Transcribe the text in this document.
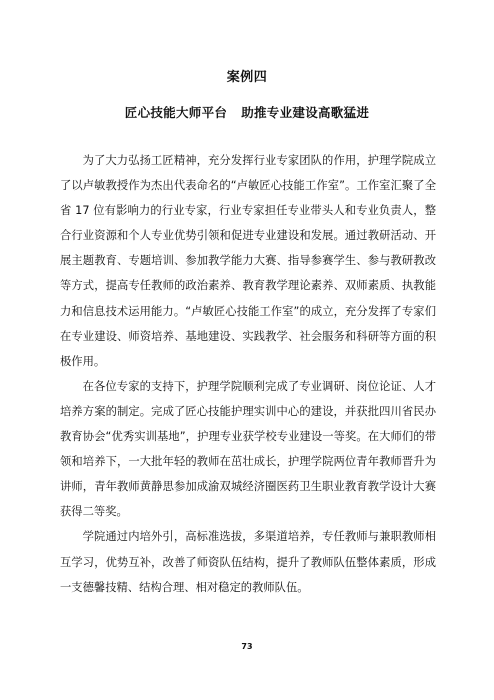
案例四
匠心技能大师平台 助推专业建设高歌猛进

为了大力弘扬工匠精神，充分发挥行业专家团队的作用，护理学院成立了以卢敏教授作为杰出代表命名的“卢敏匠心技能工作室”。工作室汇聚了全省 17 位有影响力的行业专家，行业专家担任专业带头人和专业负责人，整合行业资源和个人专业优势引领和促进专业建设和发展。通过教研活动、开展主题教育、专题培训、参加教学能力大赛、指导参赛学生、参与教研教改等方式，提高专任教师的政治素养、教育教学理论素养、双师素质、执教能力和信息技术运用能力。“卢敏匠心技能工作室”的成立，充分发挥了专家们在专业建设、师资培养、基地建设、实践教学、社会服务和科研等方面的积极作用。

在各位专家的支持下，护理学院顺利完成了专业调研、岗位论证、人才培养方案的制定。完成了匠心技能护理实训中心的建设，并获批四川省民办教育协会“优秀实训基地”，护理专业获学校专业建设一等奖。在大师们的带领和培养下，一大批年轻的教师在茁壮成长，护理学院两位青年教师晋升为讲师，青年教师黄静思参加成渝双城经济圈医药卫生职业教育教学设计大赛获得二等奖。

学院通过内培外引，高标准选拔，多渠道培养，专任教师与兼职教师相互学习，优势互补，改善了师资队伍结构，提升了教师队伍整体素质，形成一支德馨技精、结构合理、相对稳定的教师队伍。

73
